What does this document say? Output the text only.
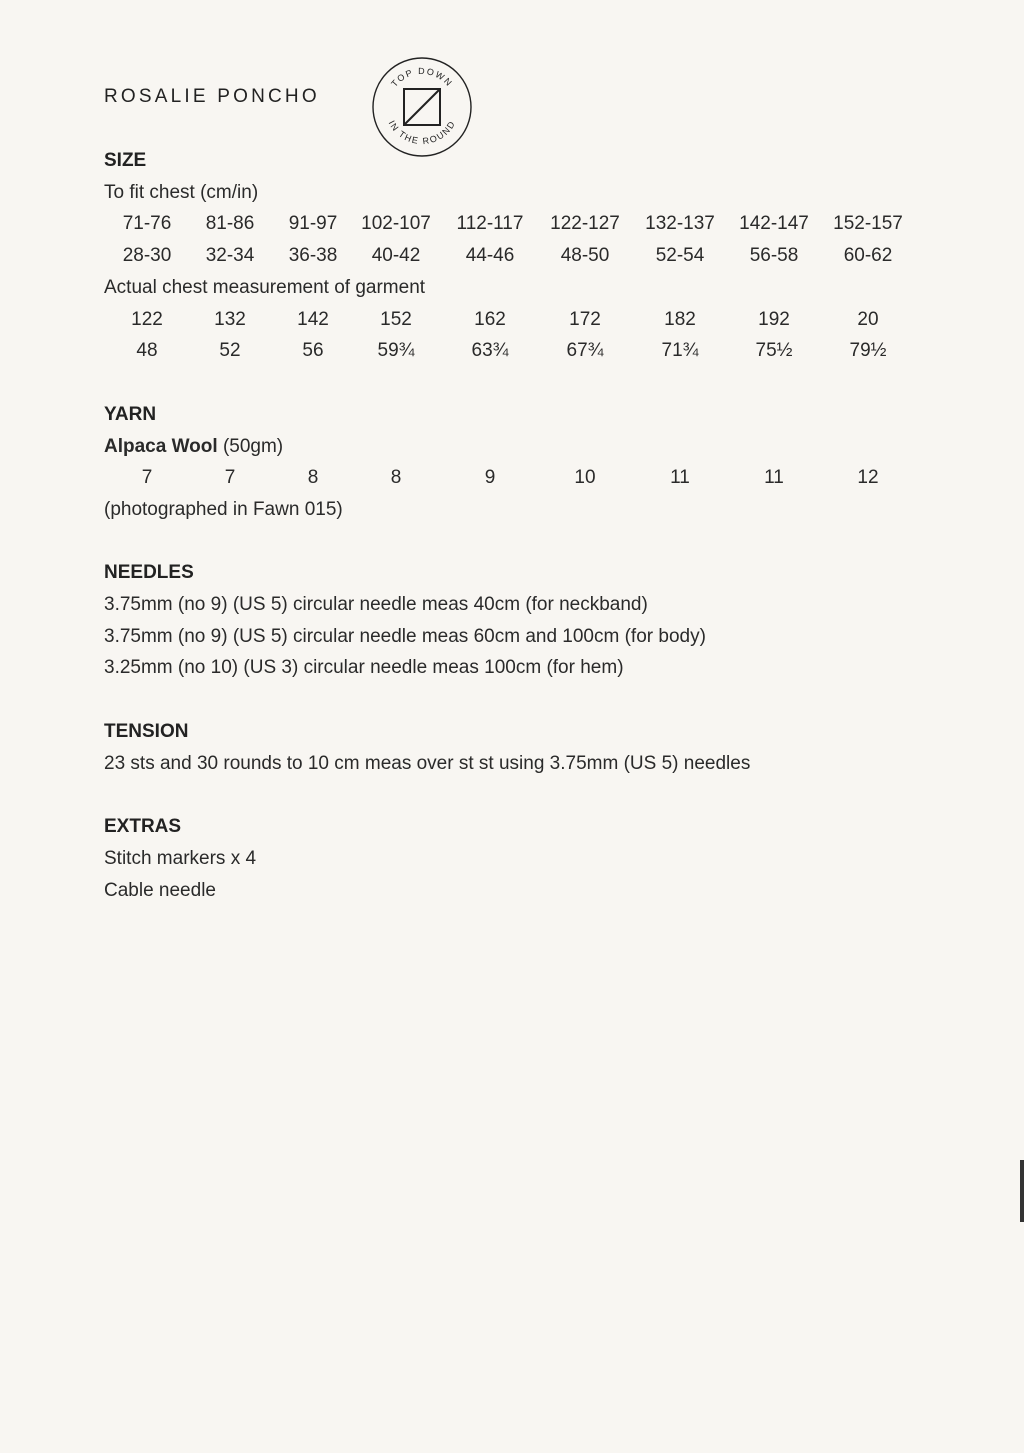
ROSALIE PONCHO
TOP DOWN
IN THE ROUND
SIZE
To fit chest (cm/in)
71-76	81-86	91-97	102-107	112-117	122-127	132-137	142-147	152-157
28-30	32-34	36-38	40-42	44-46	48-50	52-54	56-58	60-62
Actual chest measurement of garment
122	132	142	152	162	172	182	192	20
48	52	56	59¾	63¾	67¾	71¾	75½	79½
YARN
Alpaca Wool (50gm)
7	7	8	8	9	10	11	11	12
(photographed in Fawn 015)
NEEDLES
3.75mm (no 9) (US 5) circular needle meas 40cm (for neckband)
3.75mm (no 9) (US 5) circular needle meas 60cm and 100cm (for body)
3.25mm (no 10) (US 3) circular needle meas 100cm (for hem)
TENSION
23 sts and 30 rounds to 10 cm meas over st st using 3.75mm (US 5) needles
EXTRAS
Stitch markers x 4
Cable needle
